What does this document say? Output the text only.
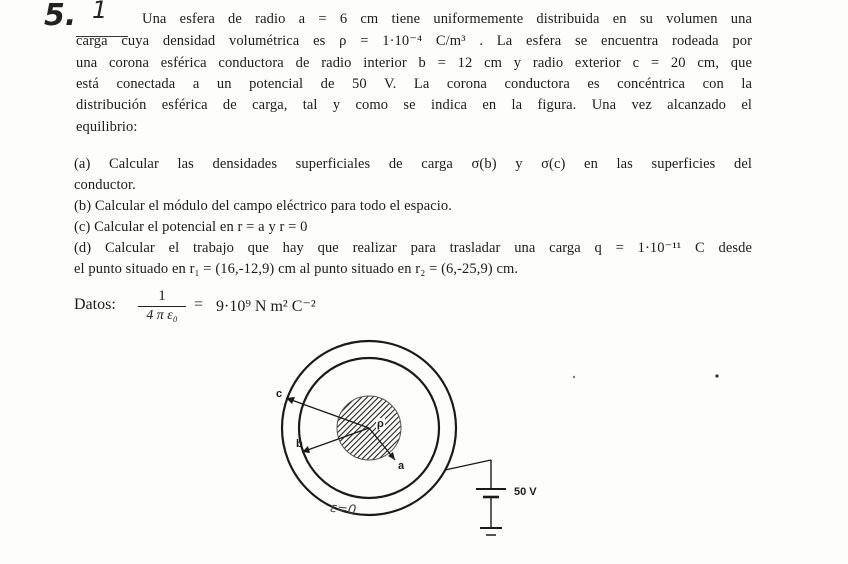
5. 1 Una esfera de radio a = 6 cm tiene uniformemente distribuida en su volumen una
carga cuya densidad volumétrica es ρ = 1·10⁻⁴ C/m³ . La esfera se encuentra rodeada por
una corona esférica conductora de radio interior b = 12 cm y radio exterior c = 20 cm, que
está conectada a un potencial de 50 V. La corona conductora es concéntrica con la
distribución esférica de carga, tal y como se indica en la figura. Una vez alcanzado el
equilibrio:
(a) Calcular las densidades superficiales de carga σ(b) y σ(c) en las superficies del
conductor.
(b) Calcular el módulo del campo eléctrico para todo el espacio.
(c) Calcular el potencial en r = a y r = 0
(d) Calcular el trabajo que hay que realizar para trasladar una carga q = 1·10⁻¹¹ C desde
el punto situado en r₁ = (16,-12,9) cm al punto situado en r₂ = (6,-25,9) cm.
Datos: $\frac{1}{\text{4 π ε₀}} = 9\cdot 10^9$ N m² C⁻²
c
b
a
ρ
50 V
ε=0
